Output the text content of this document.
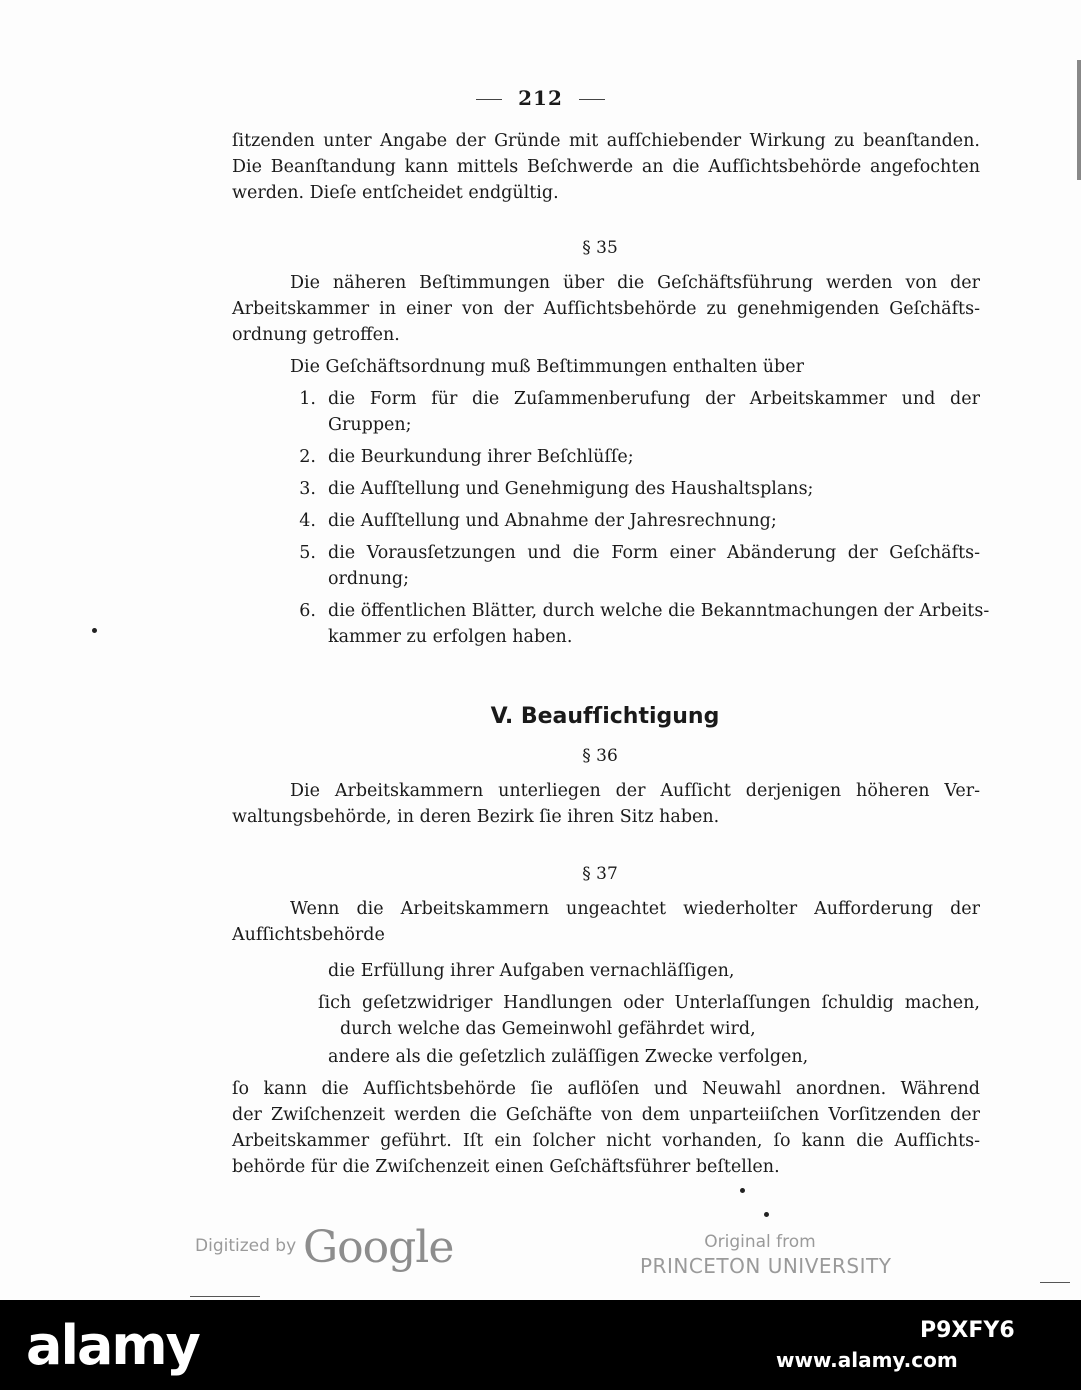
212
ſitzenden unter Angabe der Gründe mit aufſchiebender Wirkung zu beanſtanden.
Die Beanſtandung kann mittels Beſchwerde an die Aufſichtsbehörde angefochten
werden. Dieſe entſcheidet endgültig.
§ 35
Die näheren Beſtimmungen über die Geſchäftsführung werden von der
Arbeitskammer in einer von der Aufſichtsbehörde zu genehmigenden Geſchäfts-
ordnung getroffen.
Die Geſchäftsordnung muß Beſtimmungen enthalten über
1. die Form für die Zuſammenberufung der Arbeitskammer und der
Gruppen;
2. die Beurkundung ihrer Beſchlüſſe;
3. die Aufſtellung und Genehmigung des Haushaltsplans;
4. die Aufſtellung und Abnahme der Jahresrechnung;
5. die Vorausſetzungen und die Form einer Abänderung der Geſchäfts-
ordnung;
6. die öffentlichen Blätter, durch welche die Bekanntmachungen der Arbeits-
kammer zu erfolgen haben.
V. Beaufſichtigung
§ 36
Die Arbeitskammern unterliegen der Aufſicht derjenigen höheren Ver-
waltungsbehörde, in deren Bezirk ſie ihren Sitz haben.
§ 37
Wenn die Arbeitskammern ungeachtet wiederholter Aufforderung der
Aufſichtsbehörde
die Erfüllung ihrer Aufgaben vernachläſſigen,
ſich geſetzwidriger Handlungen oder Unterlaſſungen ſchuldig machen,
durch welche das Gemeinwohl gefährdet wird,
andere als die geſetzlich zuläſſigen Zwecke verfolgen,
ſo kann die Aufſichtsbehörde ſie auflöſen und Neuwahl anordnen. Während
der Zwiſchenzeit werden die Geſchäfte von dem unparteiiſchen Vorſitzenden der
Arbeitskammer geführt. Iſt ein ſolcher nicht vorhanden, ſo kann die Aufſichts-
behörde für die Zwiſchenzeit einen Geſchäftsführer beſtellen.
Digitized by Google	Original from
PRINCETON UNIVERSITY
alamy	P9XFY6
www.alamy.com
